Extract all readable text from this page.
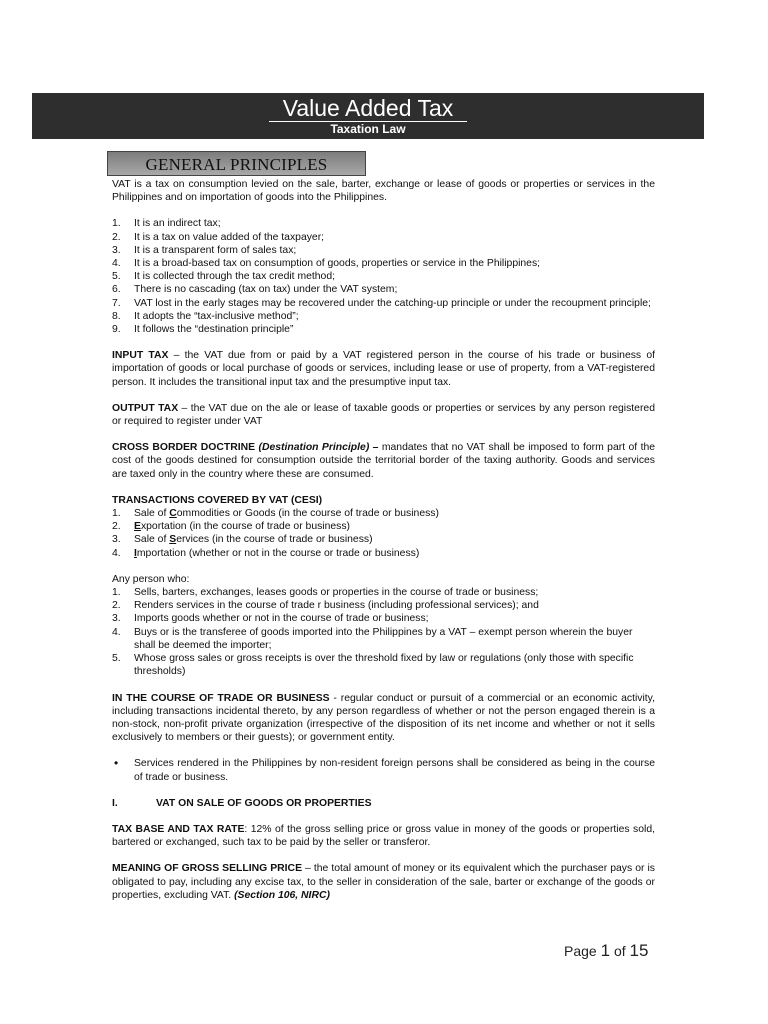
Value Added Tax
Taxation Law
GENERAL PRINCIPLES

VAT is a tax on consumption levied on the sale, barter, exchange or lease of goods or properties or services in the Philippines and on importation of goods into the Philippines.

1. It is an indirect tax;
2. It is a tax on value added of the taxpayer;
3. It is a transparent form of sales tax;
4. It is a broad-based tax on consumption of goods, properties or service in the Philippines;
5. It is collected through the tax credit method;
6. There is no cascading (tax on tax) under the VAT system;
7. VAT lost in the early stages may be recovered under the catching-up principle or under the recoupment principle;
8. It adopts the “tax-inclusive method”;
9. It follows the “destination principle”

INPUT TAX – the VAT due from or paid by a VAT registered person in the course of his trade or business of importation of goods or local purchase of goods or services, including lease or use of property, from a VAT-registered person. It includes the transitional input tax and the presumptive input tax.

OUTPUT TAX – the VAT due on the ale or lease of taxable goods or properties or services by any person registered or required to register under VAT

CROSS BORDER DOCTRINE (Destination Principle) – mandates that no VAT shall be imposed to form part of the cost of the goods destined for consumption outside the territorial border of the taxing authority. Goods and services are taxed only in the country where these are consumed.

TRANSACTIONS COVERED BY VAT (CESI)

1. Sale of Commodities or Goods (in the course of trade or business)
2. Exportation (in the course of trade or business)
3. Sale of Services (in the course of trade or business)
4. Importation (whether or not in the course or trade or business)

Any person who:

1. Sells, barters, exchanges, leases goods or properties in the course of trade or business;
2. Renders services in the course of trade r business (including professional services); and
3. Imports goods whether or not in the course of trade or business;
4. Buys or is the transferee of goods imported into the Philippines by a VAT – exempt person wherein the buyer shall be deemed the importer;
5. Whose gross sales or gross receipts is over the threshold fixed by law or regulations (only those with specific thresholds)

IN THE COURSE OF TRADE OR BUSINESS - regular conduct or pursuit of a commercial or an economic activity, including transactions incidental thereto, by any person regardless of whether or not the person engaged therein is a non-stock, non-profit private organization (irrespective of the disposition of its net income and whether or not it sells exclusively to members or their guests); or government entity.

• Services rendered in the Philippines by non-resident foreign persons shall be considered as being in the course of trade or business.

I.	VAT ON SALE OF GOODS OR PROPERTIES

TAX BASE AND TAX RATE: 12% of the gross selling price or gross value in money of the goods or properties sold, bartered or exchanged, such tax to be paid by the seller or transferor.

MEANING OF GROSS SELLING PRICE – the total amount of money or its equivalent which the purchaser pays or is obligated to pay, including any excise tax, to the seller in consideration of the sale, barter or exchange of the goods or properties, excluding VAT. (Section 106, NIRC)

Page 1 of 15
